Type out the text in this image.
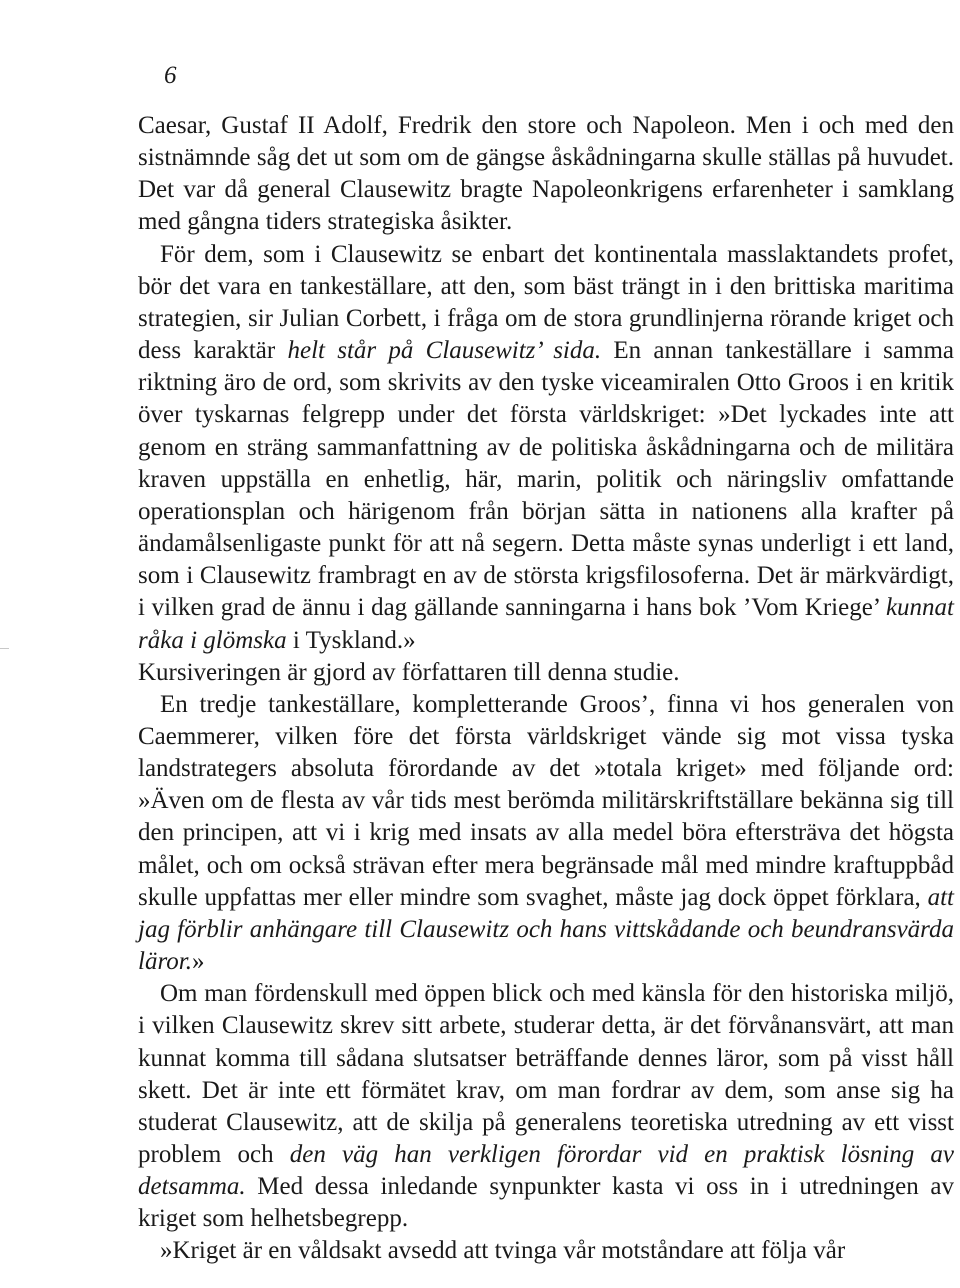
6

Caesar, Gustaf II Adolf, Fredrik den store och Napoleon. Men i och med den sistnämnde såg det ut som om de gängse åskådningarna skulle ställas på huvudet. Det var då general Clausewitz bragte Napoleonkrigens erfarenheter i samklang med gångna tiders strategiska åsikter.

För dem, som i Clausewitz se enbart det kontinentala masslaktandets profet, bör det vara en tankeställare, att den, som bäst trängt in i den brittiska maritima strategien, sir Julian Corbett, i fråga om de stora grundlinjerna rörande kriget och dess karaktär helt står på Clausewitz’ sida. En annan tankeställare i samma riktning äro de ord, som skrivits av den tyske viceamiralen Otto Groos i en kritik över tyskarnas felgrepp under det första världskriget: »Det lyckades inte att genom en sträng sammanfattning av de politiska åskådningarna och de militära kraven uppställa en enhetlig, här, marin, politik och näringsliv omfattande operationsplan och härigenom från början sätta in nationens alla krafter på ändamålsenligaste punkt för att nå segern. Detta måste synas underligt i ett land, som i Clausewitz frambragt en av de största krigsfilosoferna. Det är märkvärdigt, i vilken grad de ännu i dag gällande sanningarna i hans bok ’Vom Kriege’ kunnat råka i glömska i Tyskland.»

Kursiveringen är gjord av författaren till denna studie.

En tredje tankeställare, kompletterande Groos’, finna vi hos generalen von Caemmerer, vilken före det första världskriget vände sig mot vissa tyska landstrategers absoluta förordande av det »totala kriget» med följande ord: »Även om de flesta av vår tids mest berömda militärskriftställare bekänna sig till den principen, att vi i krig med insats av alla medel böra eftersträva det högsta målet, och om också strävan efter mera begränsade mål med mindre kraftuppbåd skulle uppfattas mer eller mindre som svaghet, måste jag dock öppet förklara, att jag förblir anhängare till Clausewitz och hans vittskådande och beundransvärda läror.»

Om man fördenskull med öppen blick och med känsla för den historiska miljö, i vilken Clausewitz skrev sitt arbete, studerar detta, är det förvånansvärt, att man kunnat komma till sådana slutsatser beträffande dennes läror, som på visst håll skett. Det är inte ett förmätet krav, om man fordrar av dem, som anse sig ha studerat Clausewitz, att de skilja på generalens teoretiska utredning av ett visst problem och den väg han verkligen förordar vid en praktisk lösning av detsamma. Med dessa inledande synpunkter kasta vi oss in i utredningen av kriget som helhetsbegrepp.

»Kriget är en våldsakt avsedd att tvinga vår motståndare att följa vår
